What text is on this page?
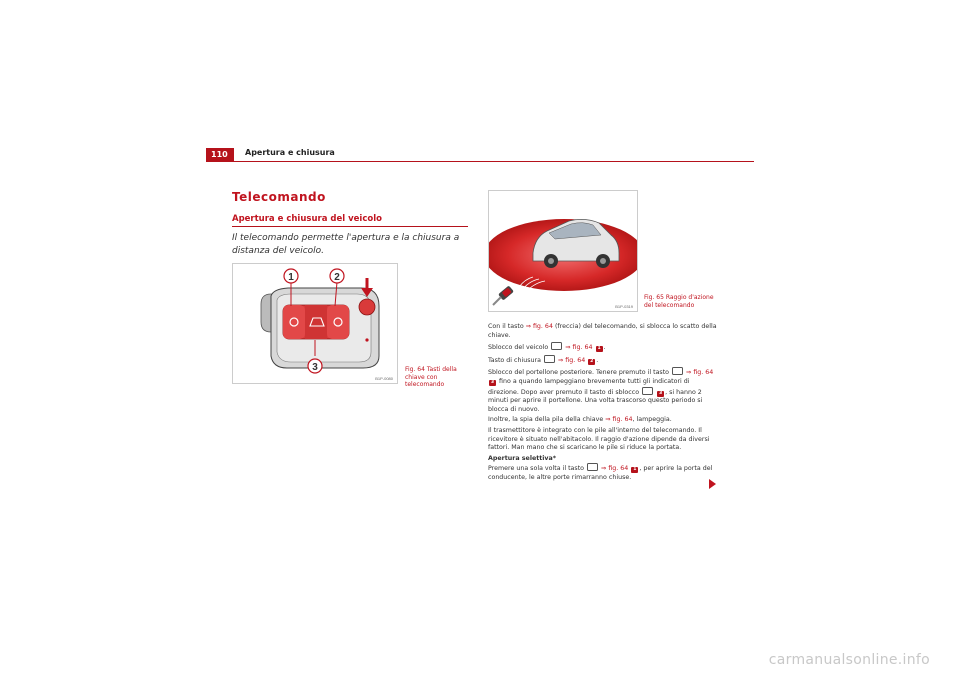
110	Apertura e chiusura
Telecomando
Apertura e chiusura del veicolo
Il telecomando permette l'apertura e la chiusura a distanza del veicolo.
1	2
3
B1P-0080
Fig. 64 Tasti della chiave con telecomando
B1P-0319
Fig. 65 Raggio d'azione del telecomando

Con il tasto ⇒ fig. 64 (freccia) del telecomando, si sblocca lo scatto della chiave.

Sblocco del veicolo  ⇒ fig. 64 1 .

Tasto di chiusura  ⇒ fig. 64 2 .

Sblocco del portellone posteriore. Tenere premuto il tasto  ⇒ fig. 64 3 fino a quando lampeggiano brevemente tutti gli indicatori di direzione. Dopo aver premuto il tasto di sblocco	3 , si hanno 2 minuti per aprire il portellone. Una volta trascorso questo periodo si blocca di nuovo.

Inoltre, la spia della pila della chiave ⇒ fig. 64, lampeggia.

Il trasmettitore è integrato con le pile all'interno del telecomando. Il ricevitore è situato nell'abitacolo. Il raggio d'azione dipende da diversi fattori. Man mano che si scaricano le pile si riduce la portata.

Apertura selettiva*

Premere una sola volta il tasto  ⇒ fig. 64 1 , per aprire la porta del conducente, le altre porte rimarranno chiuse.

carmanualsonline.info
